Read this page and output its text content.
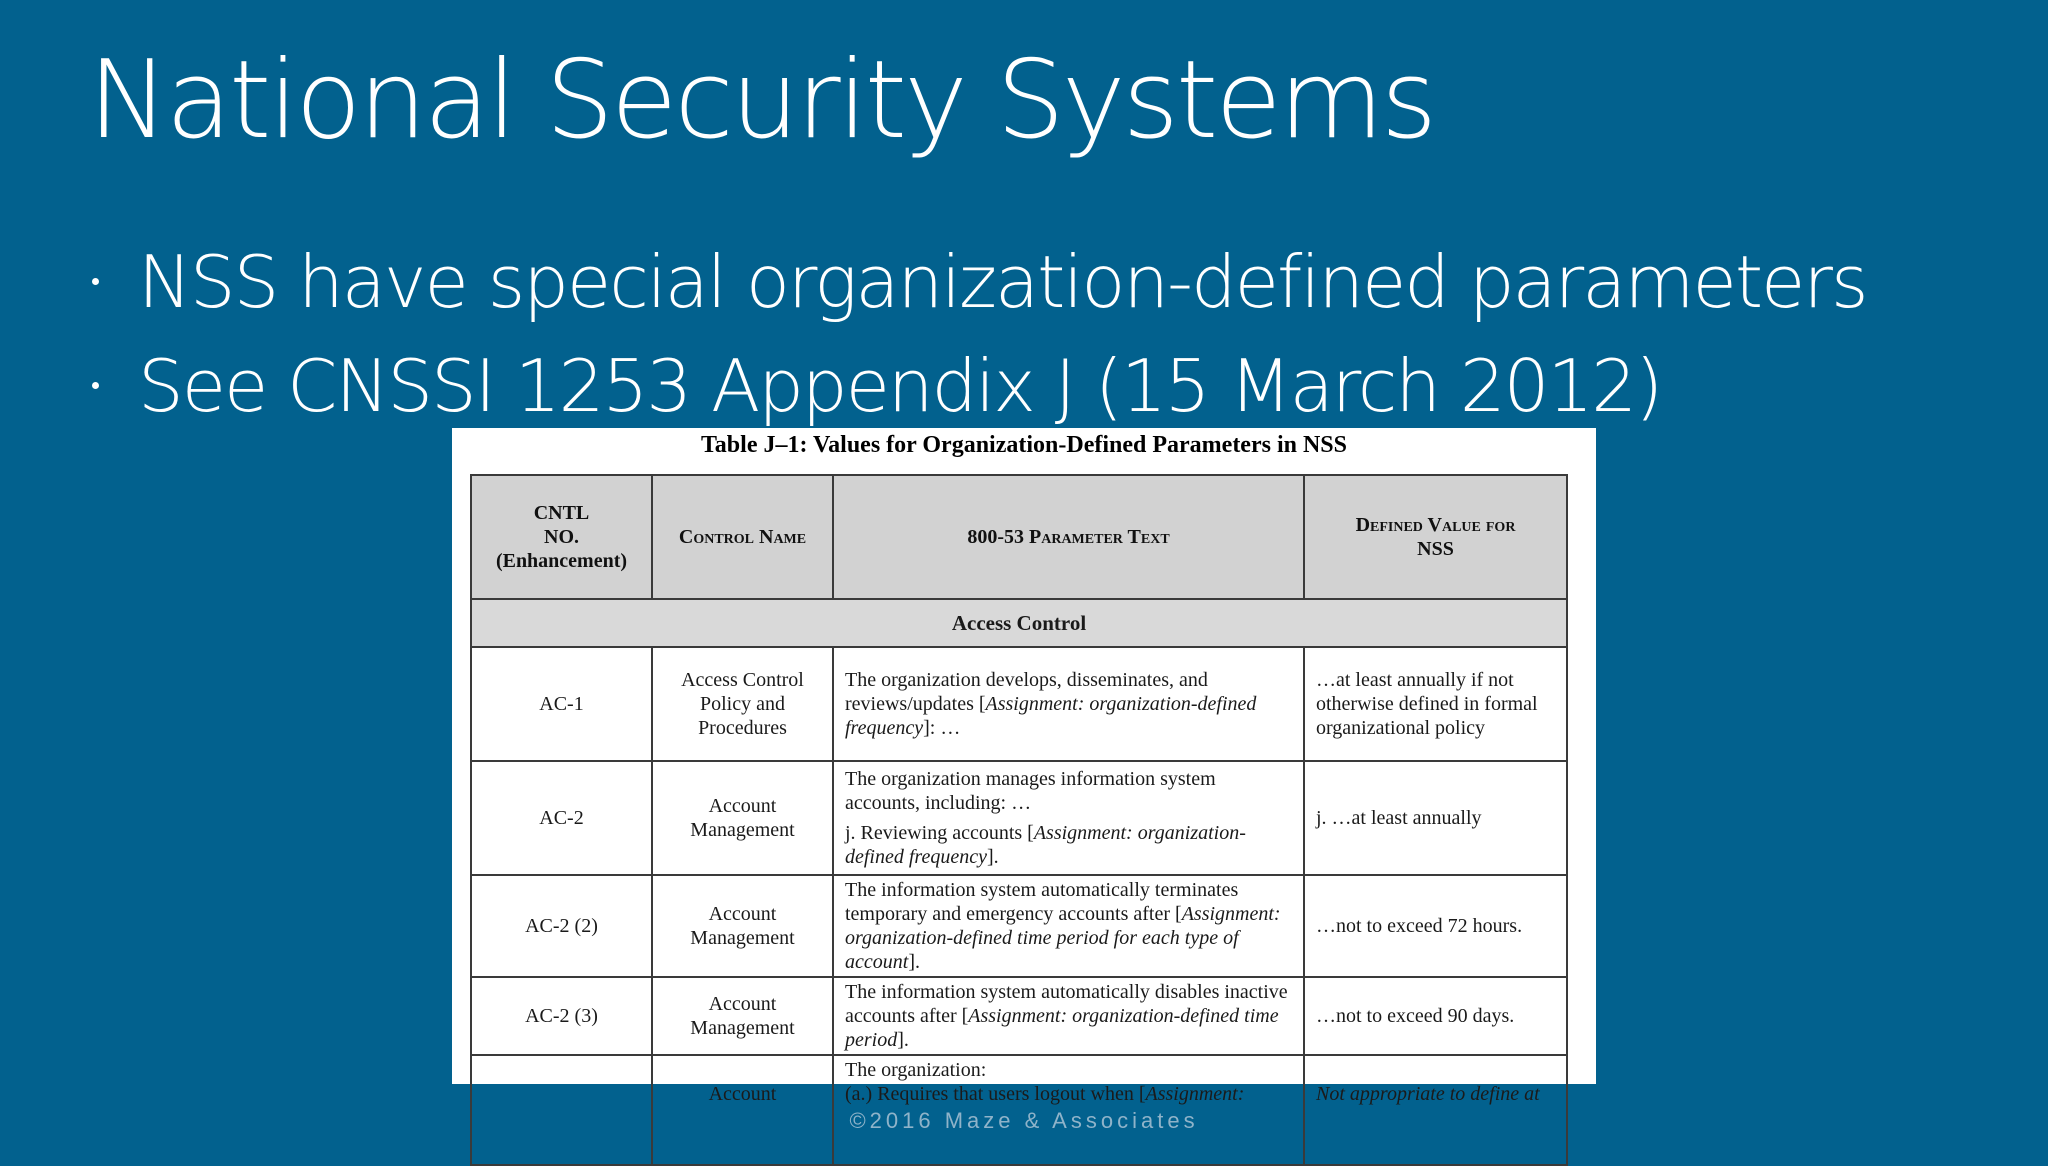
National Security Systems
NSS have special organization-defined parameters
See CNSSI 1253 Appendix J (15 March 2012)
Table J–1: Values for Organization-Defined Parameters in NSS
CNTL
NO.
(Enhancement)	Control Name	800-53 Parameter Text	Defined Value for
NSS
Access Control			
AC-1	Access Control
Policy and
Procedures	The organization develops, disseminates, and reviews/updates [Assignment: organization-defined frequency]: …	…at least annually if not otherwise defined in formal organizational policy
AC-2	Account
Management	The organization manages information system accounts, including: …
j. Reviewing accounts [Assignment: organization-defined frequency].	j. …at least annually
AC-2 (2)	Account
Management	The information system automatically terminates temporary and emergency accounts after [Assignment: organization-defined time period for each type of account].	…not to exceed 72 hours.
AC-2 (3)	Account
Management	The information system automatically disables inactive accounts after [Assignment: organization-defined time period].	…not to exceed 90 days.
	Account	The organization:
(a.) Requires that users logout when [Assignment:	Not appropriate to define at
©2016 Maze & Associates
